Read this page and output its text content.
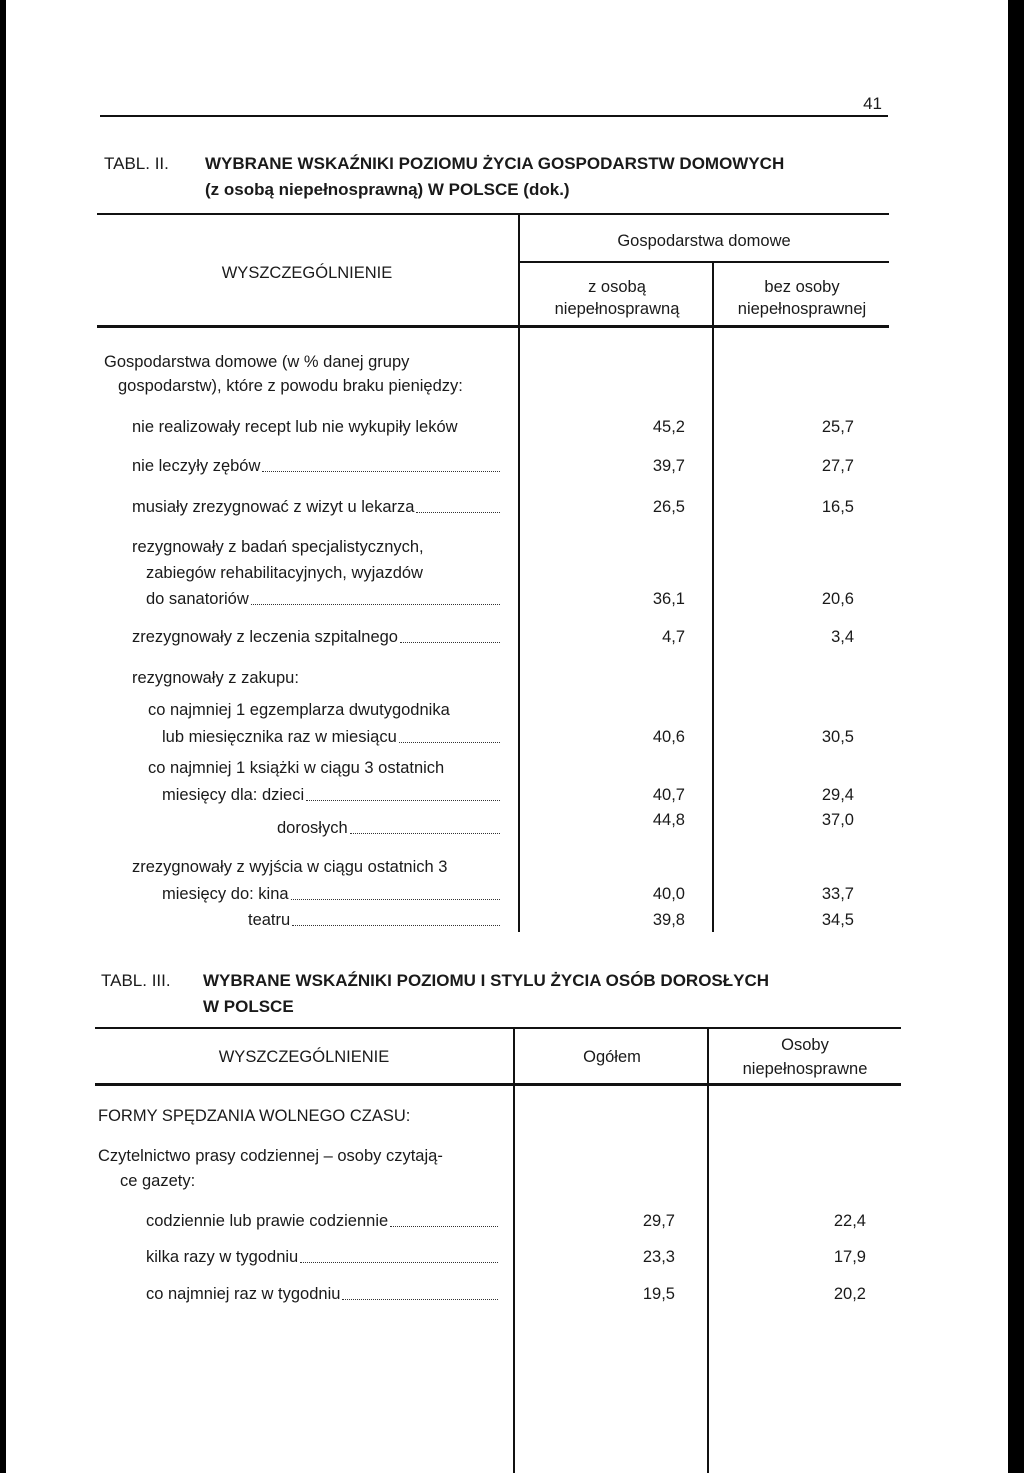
41
TABL. II. WYBRANE WSKAŹNIKI POZIOMU ŻYCIA GOSPODARSTW DOMOWYCH
(z osobą niepełnosprawną) W POLSCE (dok.)
WYSZCZEGÓLNIENIE
Gospodarstwa domowe
z osobą
niepełnosprawną
bez osoby
niepełnosprawnej
Gospodarstwa domowe (w % danej grupy
gospodarstw), które z powodu braku pieniędzy:
nie realizowały recept lub nie wykupiły leków	45,2	25,7
nie leczyły zębów	39,7	27,7
musiały zrezygnować z wizyt u lekarza	26,5	16,5
rezygnowały z badań specjalistycznych,
zabiegów rehabilitacyjnych, wyjazdów
do sanatoriów	36,1	20,6
zrezygnowały z leczenia szpitalnego	4,7	3,4
rezygnowały z zakupu:
co najmniej 1 egzemplarza dwutygodnika
lub miesięcznika raz w miesiącu	40,6	30,5
co najmniej 1 książki w ciągu 3 ostatnich
miesięcy dla: dzieci	40,7	29,4
dorosłych	44,8	37,0
zrezygnowały z wyjścia w ciągu ostatnich 3
miesięcy do: kina	40,0	33,7
teatru	39,8	34,5
TABL. III. WYBRANE WSKAŹNIKI POZIOMU I STYLU ŻYCIA OSÓB DOROSŁYCH
W POLSCE
WYSZCZEGÓLNIENIE	Ogółem
Osoby
niepełnosprawne
FORMY SPĘDZANIA WOLNEGO CZASU:
Czytelnictwo prasy codziennej – osoby czytają-
ce gazety:
codziennie lub prawie codziennie	29,7	22,4
kilka razy w tygodniu	23,3	17,9
co najmniej raz w tygodniu	19,5	20,2
